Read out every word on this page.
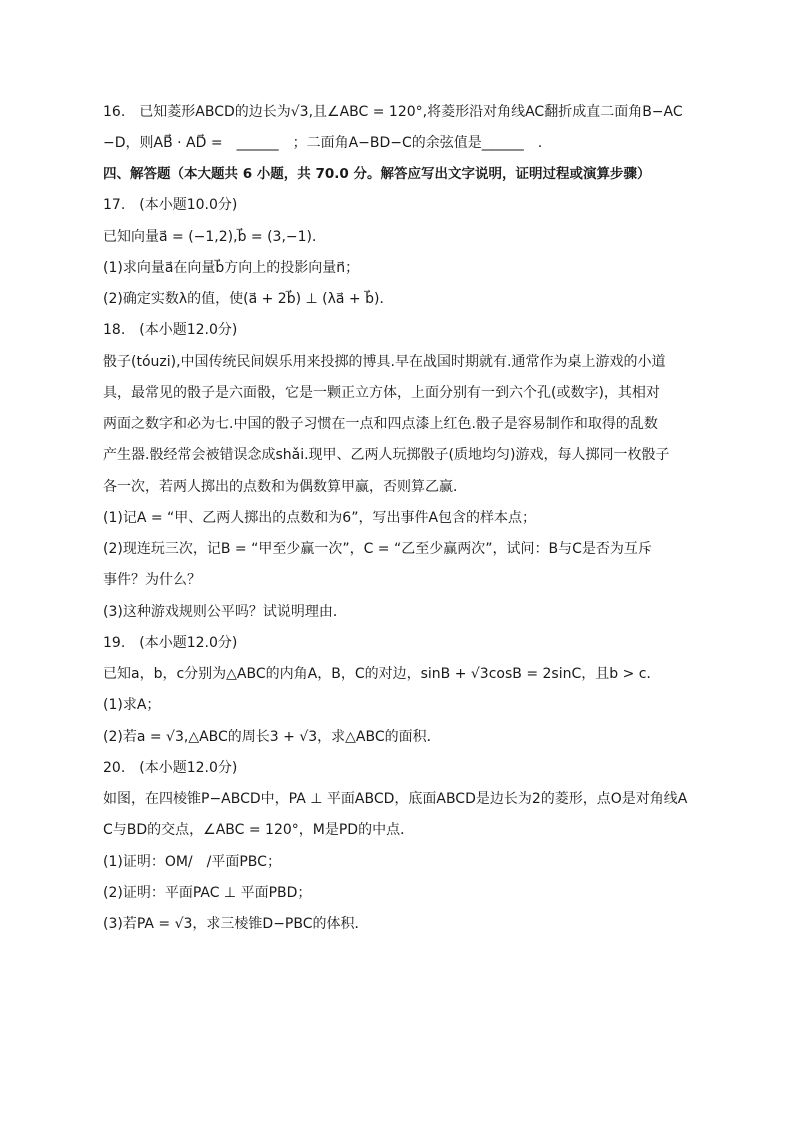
16.　已知菱形ABCD的边长为√3,且∠ABC = 120°,将菱形沿对角线AC翻折成直二面角B−AC
−D，则AB⃗ · AD⃗ =　______　；二面角A−BD−C的余弦值是______　.
四、解答题（本大题共 6 小题，共 70.0 分。解答应写出文字说明，证明过程或演算步骤）
17.　(本小题10.0分)
已知向量a⃗ = (−1,2),b⃗ = (3,−1)．
(1)求向量a⃗在向量b⃗方向上的投影向量n⃗；
(2)确定实数λ的值，使(a⃗ + 2b⃗) ⊥ (λa⃗ + b⃗)．
18.　(本小题12.0分)
骰子(tóuzi),中国传统民间娱乐用来投掷的博具.早在战国时期就有.通常作为桌上游戏的小道
具，最常见的骰子是六面骰，它是一颗正立方体，上面分别有一到六个孔(或数字)，其相对
两面之数字和必为七.中国的骰子习惯在一点和四点漆上红色.骰子是容易制作和取得的乱数
产生器.骰经常会被错误念成shǎi.现甲、乙两人玩掷骰子(质地均匀)游戏，每人掷同一枚骰子
各一次，若两人掷出的点数和为偶数算甲赢，否则算乙赢．
(1)记A = “甲、乙两人掷出的点数和为6”，写出事件A包含的样本点；
(2)现连玩三次，记B = “甲至少赢一次”，C = “乙至少赢两次”，试问：B与C是否为互斥
事件？为什么？
(3)这种游戏规则公平吗？试说明理由．
19.　(本小题12.0分)
已知a，b，c分别为△ABC的内角A，B，C的对边，sinB + √3cosB = 2sinC，且b > c．
(1)求A；
(2)若a = √3,△ABC的周长3 + √3，求△ABC的面积．
20.　(本小题12.0分)
如图，在四棱锥P−ABCD中，PA ⊥ 平面ABCD，底面ABCD是边长为2的菱形，点O是对角线A
C与BD的交点，∠ABC = 120°，M是PD的中点．
(1)证明：OM/　/平面PBC；
(2)证明：平面PAC ⊥ 平面PBD；
(3)若PA = √3，求三棱锥D−PBC的体积．
